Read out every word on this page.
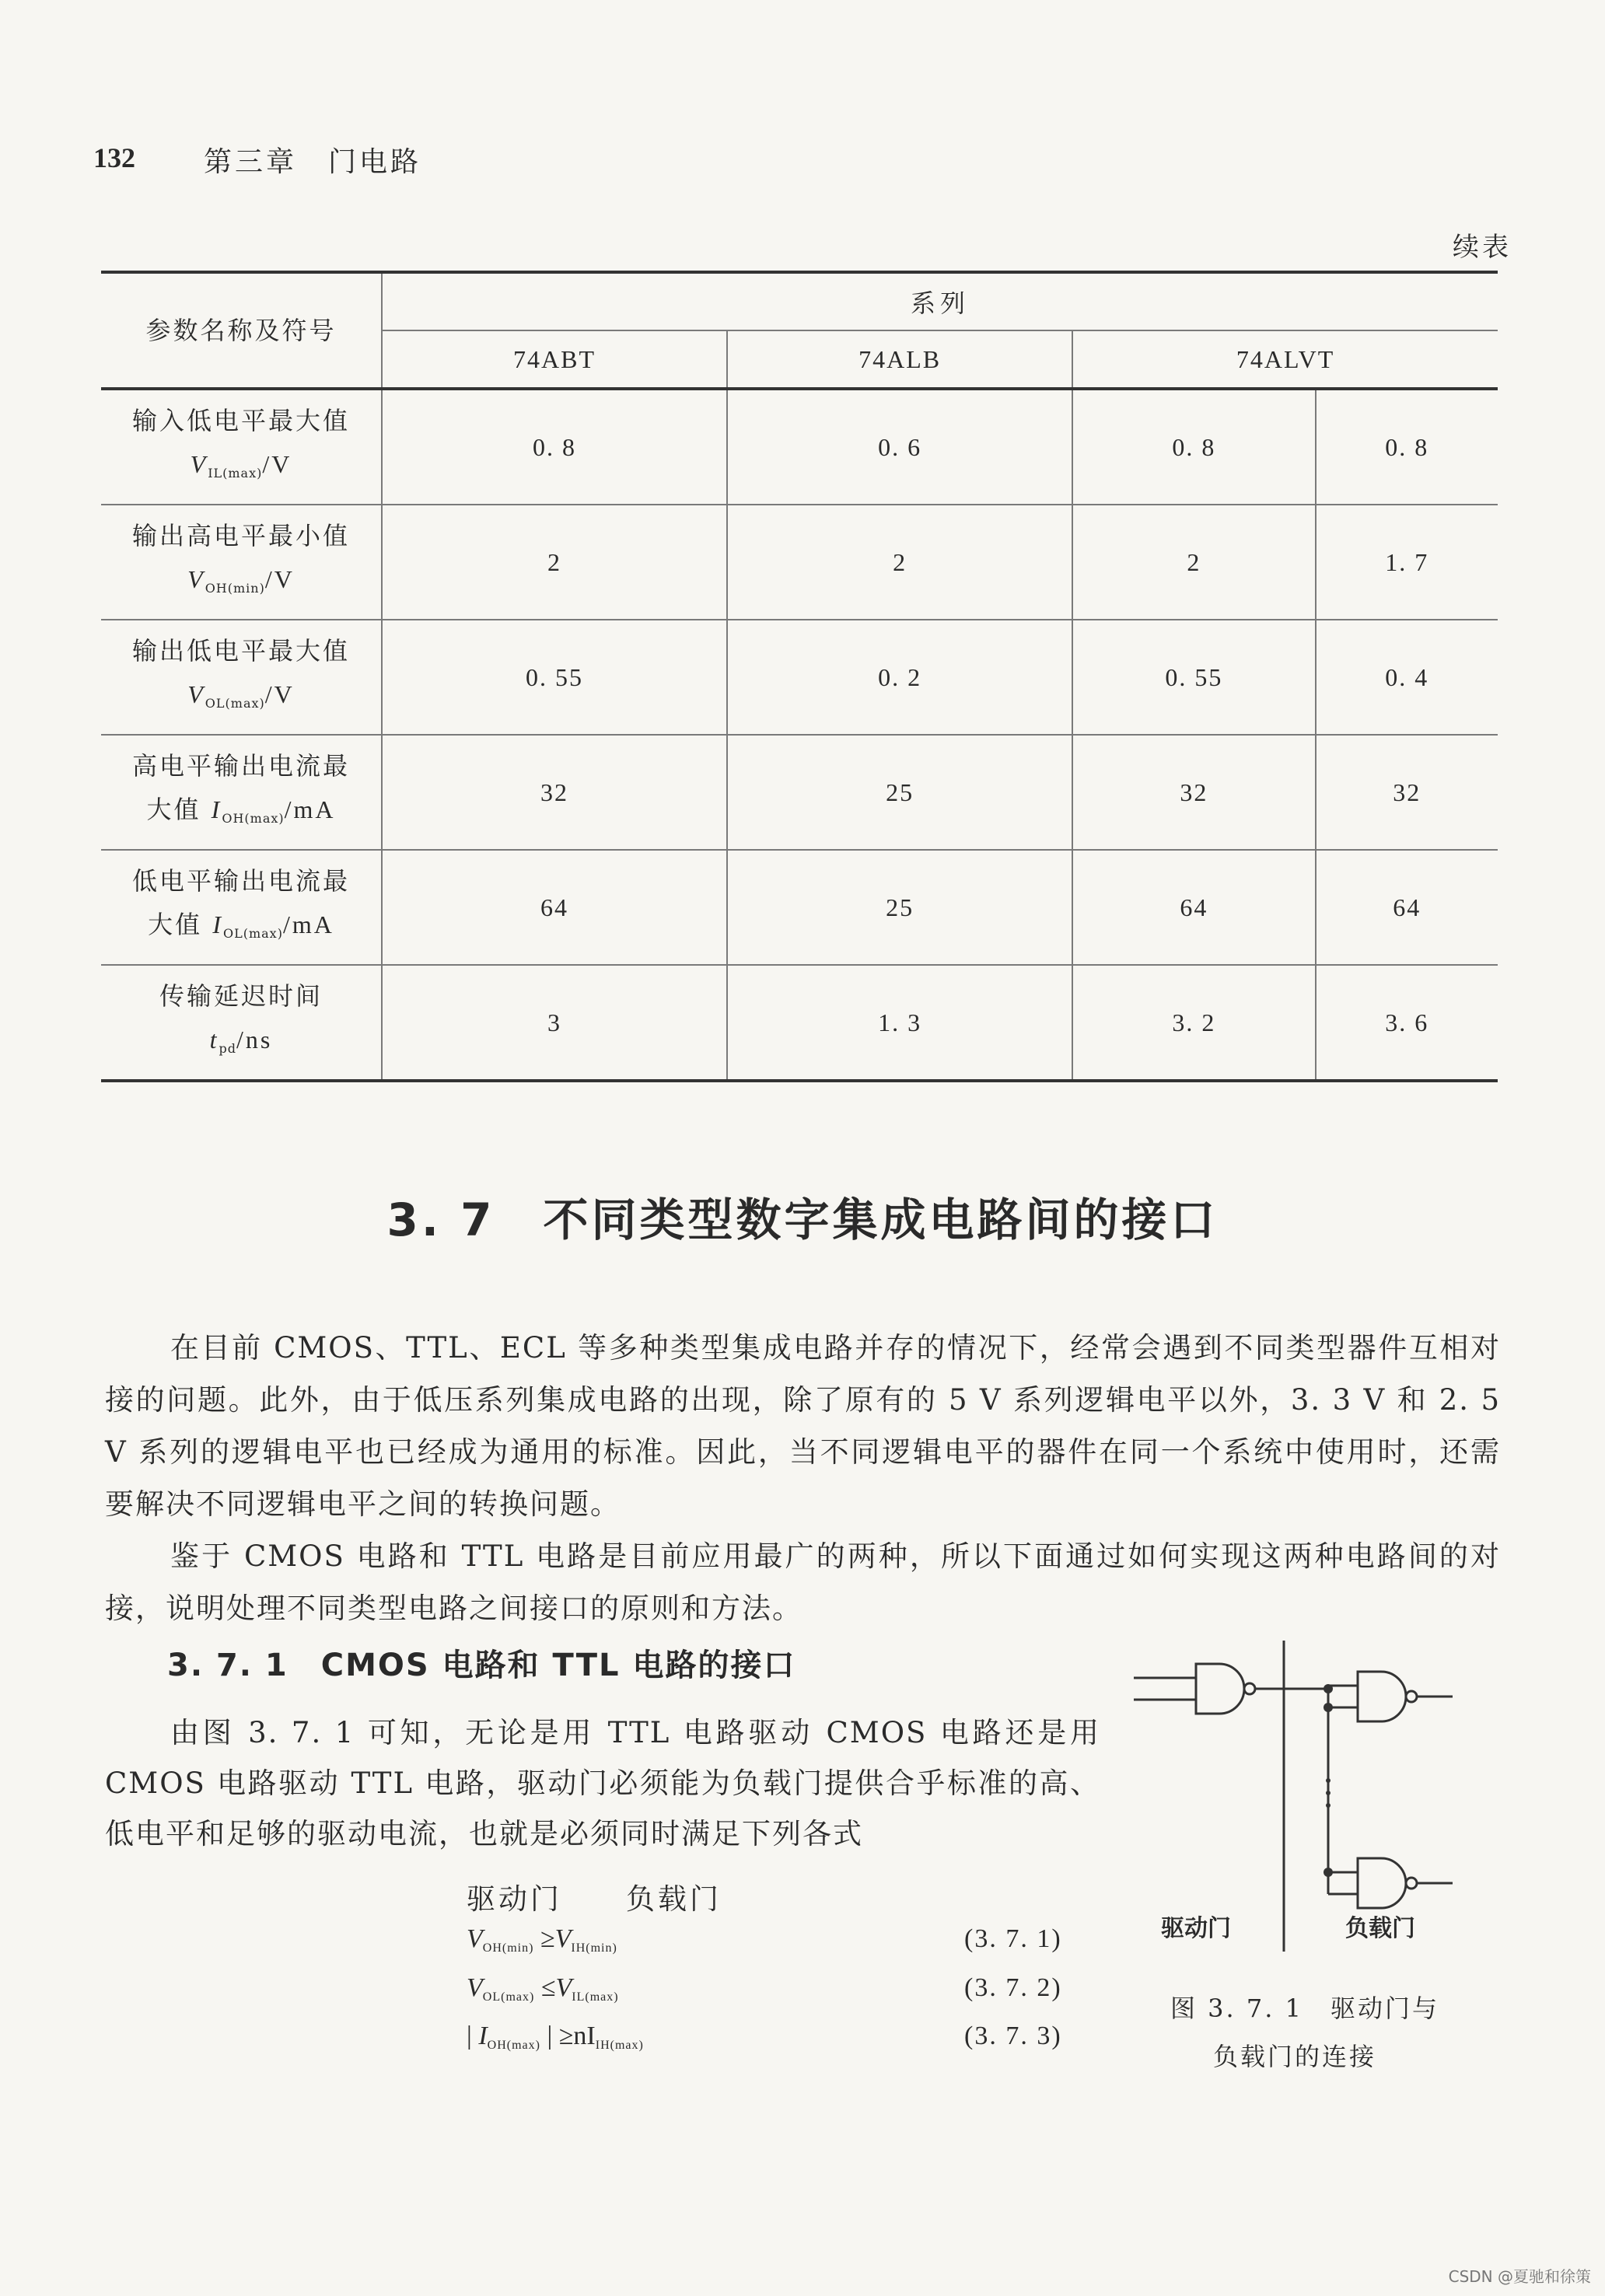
132 第三章　门电路
续表
参数名称及符号	系列			
	74ABT	74ALB	74ALVT	

输入低电平最大值
$V_{IL(max)}/V$	0. 8	0. 6	0. 8	0. 8

输出高电平最小值
$V_{OH(min)}/V$	2	2	2	1. 7

输出低电平最大值
$V_{OL(max)}/V$	0. 55	0. 2	0. 55	0. 4

高电平输出电流最
大值 $I_{OH(max)}/mA$	32	25	32	32

低电平输出电流最
大值 $I_{OL(max)}/mA$	64	25	64	64

传输延迟时间
$t_{pd}/ns$	3	1. 3	3. 2	3. 6
3. 7　不同类型数字集成电路间的接口

在目前 CMOS、TTL、ECL 等多种类型集成电路并存的情况下，经常会遇到不同类型器件互相对接的问题。此外，由于低压系列集成电路的出现，除了原有的 5 V 系列逻辑电平以外，3. 3 V 和 2. 5 V 系列的逻辑电平也已经成为通用的标准。因此，当不同逻辑电平的器件在同一个系统中使用时，还需要解决不同逻辑电平之间的转换问题。

鉴于 CMOS 电路和 TTL 电路是目前应用最广的两种，所以下面通过如何实现这两种电路间的对接，说明处理不同类型电路之间接口的原则和方法。

3. 7. 1　CMOS 电路和 TTL 电路的接口

由图 3. 7. 1 可知，无论是用 TTL 电路驱动 CMOS 电路还是用 CMOS 电路驱动 TTL 电路，驱动门必须能为负载门提供合乎标准的高、低电平和足够的驱动电流，也就是必须同时满足下列各式

驱动门　　负载门
$V_{OH(min)} \ge V_{IH(min)}$	(3. 7. 1)
$V_{OL(max)} \le V_{IL(max)}$	(3. 7. 2)
| $I_{OH(max)}$ | $\ge nI_{IH(max)}$	(3. 7. 3)
驱动门	负载门
图 3. 7. 1　驱动门与
负载门的连接
CSDN @夏驰和徐策
